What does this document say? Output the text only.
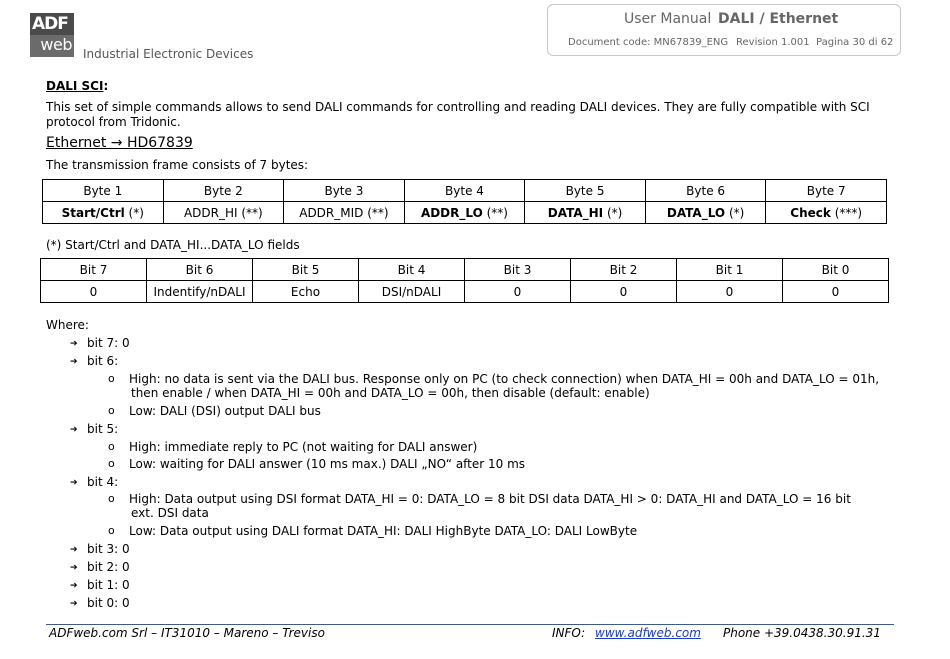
ADF
web Industrial Electronic Devices
User Manual DALI / Ethernet
Document code: MN67839_ENG Revision 1.001 Pagina 30 di 62
DALI SCI:
This set of simple commands allows to send DALI commands for controlling and reading DALI devices. They are fully compatible with SCI protocol from Tridonic.
Ethernet → HD67839
The transmission frame consists of 7 bytes:
Byte 1	Byte 2	Byte 3	Byte 4	Byte 5	Byte 6	Byte 7
Start/Ctrl (*)	ADDR_HI (**)	ADDR_MID (**)	ADDR_LO (**)	DATA_HI (*)	DATA_LO (*)	Check (***)
(*) Start/Ctrl and DATA_HI...DATA_LO fields
Bit 7	Bit 6	Bit 5	Bit 4	Bit 3	Bit 2	Bit 1	Bit 0
0	Indentify/nDALI	Echo	DSI/nDALI	0	0	0	0
Where:
➔ bit 7: 0
➔ bit 6:
o High: no data is sent via the DALI bus. Response only on PC (to check connection) when DATA_HI = 00h and DATA_LO = 01h,
then enable / when DATA_HI = 00h and DATA_LO = 00h, then disable (default: enable)
o Low: DALI (DSI) output DALI bus
➔ bit 5:
o High: immediate reply to PC (not waiting for DALI answer)
o Low: waiting for DALI answer (10 ms max.) DALI „NO“ after 10 ms
➔ bit 4:
o High: Data output using DSI format DATA_HI = 0: DATA_LO = 8 bit DSI data DATA_HI > 0: DATA_HI and DATA_LO = 16 bit
ext. DSI data
o Low: Data output using DALI format DATA_HI: DALI HighByte DATA_LO: DALI LowByte
➔ bit 3: 0
➔ bit 2: 0
➔ bit 1: 0
➔ bit 0: 0
ADFweb.com Srl – IT31010 – Mareno – Treviso	INFO: www.adfweb.com Phone +39.0438.30.91.31
